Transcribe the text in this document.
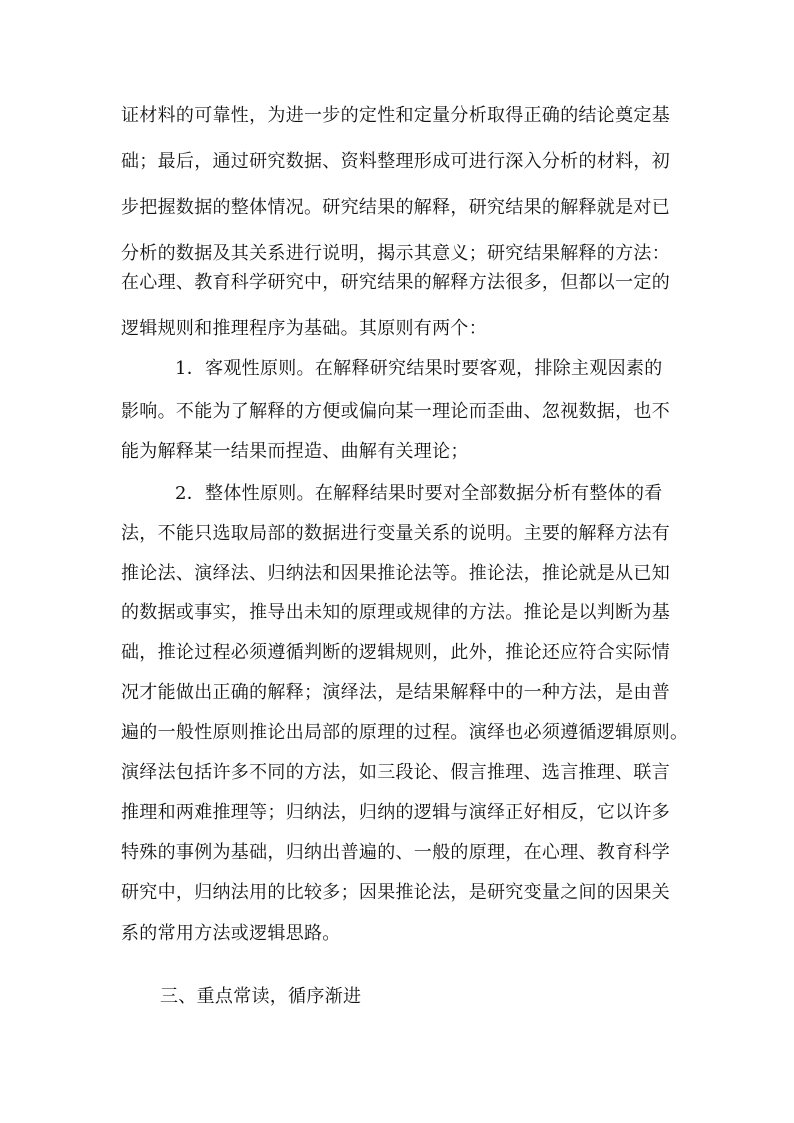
证材料的可靠性，为进一步的定性和定量分析取得正确的结论奠定基
础；最后，通过研究数据、资料整理形成可进行深入分析的材料，初
步把握数据的整体情况。研究结果的解释，研究结果的解释就是对已
分析的数据及其关系进行说明，揭示其意义；研究结果解释的方法：
在心理、教育科学研究中，研究结果的解释方法很多，但都以一定的
逻辑规则和推理程序为基础。其原则有两个：
1．客观性原则。在解释研究结果时要客观，排除主观因素的
影响。不能为了解释的方便或偏向某一理论而歪曲、忽视数据，也不
能为解释某一结果而捏造、曲解有关理论；
2．整体性原则。在解释结果时要对全部数据分析有整体的看
法，不能只选取局部的数据进行变量关系的说明。主要的解释方法有
推论法、演绎法、归纳法和因果推论法等。推论法，推论就是从已知
的数据或事实，推导出未知的原理或规律的方法。推论是以判断为基
础，推论过程必须遵循判断的逻辑规则，此外，推论还应符合实际情
况才能做出正确的解释；演绎法，是结果解释中的一种方法，是由普
遍的一般性原则推论出局部的原理的过程。演绎也必须遵循逻辑原则。
演绎法包括许多不同的方法，如三段论、假言推理、选言推理、联言
推理和两难推理等；归纳法，归纳的逻辑与演绎正好相反，它以许多
特殊的事例为基础，归纳出普遍的、一般的原理，在心理、教育科学
研究中，归纳法用的比较多；因果推论法，是研究变量之间的因果关
系的常用方法或逻辑思路。
三、重点常读，循序渐进
